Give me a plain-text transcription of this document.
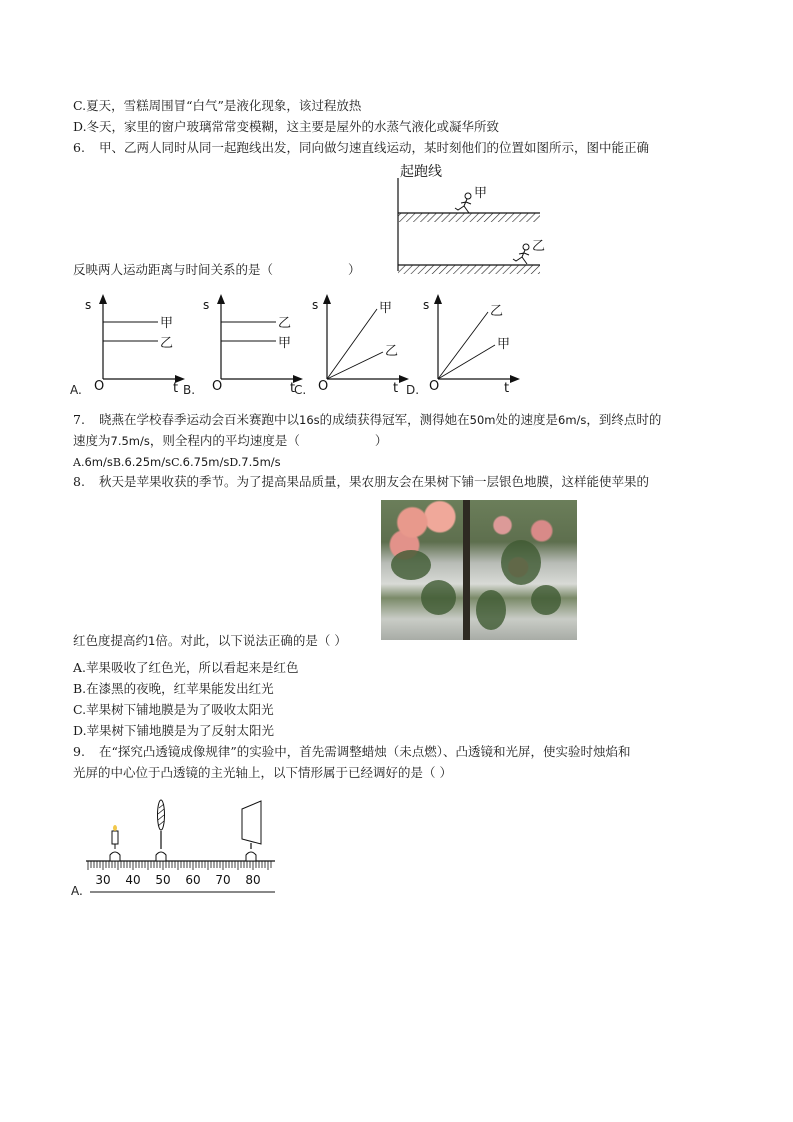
C.夏天，雪糕周围冒“白气”是液化现象，该过程放热
D.冬天，家里的窗户玻璃常常变模糊，这主要是屋外的水蒸气液化或凝华所致
6. 甲、乙两人同时从同一起跑线出发，同向做匀速直线运动，某时刻他们的位置如图所示，图中能正确
起跑线
甲
乙
反映两人运动距离与时间关系的是（　　　　　　）
A.
s
O	t
甲
乙
B.
s
O	t
乙
甲
C.
s
O	t
甲
乙
D.
s
O	t
乙
甲
7. 晓燕在学校春季运动会百米赛跑中以16s的成绩获得冠军，测得她在50m处的速度是6m/s，到终点时的
速度为7.5m/s，则全程内的平均速度是（　　　　　　）
A.6m/sB.6.25m/sC.6.75m/sD.7.5m/s
8. 秋天是苹果收获的季节。为了提高果品质量，果农朋友会在果树下铺一层银色地膜，这样能使苹果的
红色度提高约1倍。对此，以下说法正确的是（ ）
A.苹果吸收了红色光，所以看起来是红色
B.在漆黑的夜晚，红苹果能发出红光
C.苹果树下铺地膜是为了吸收太阳光
D.苹果树下铺地膜是为了反射太阳光
9. 在“探究凸透镜成像规律”的实验中，首先需调整蜡烛（未点燃）、凸透镜和光屏，使实验时烛焰和
光屏的中心位于凸透镜的主光轴上，以下情形属于已经调好的是（ ）
A.
30 40 50 60 70 80
